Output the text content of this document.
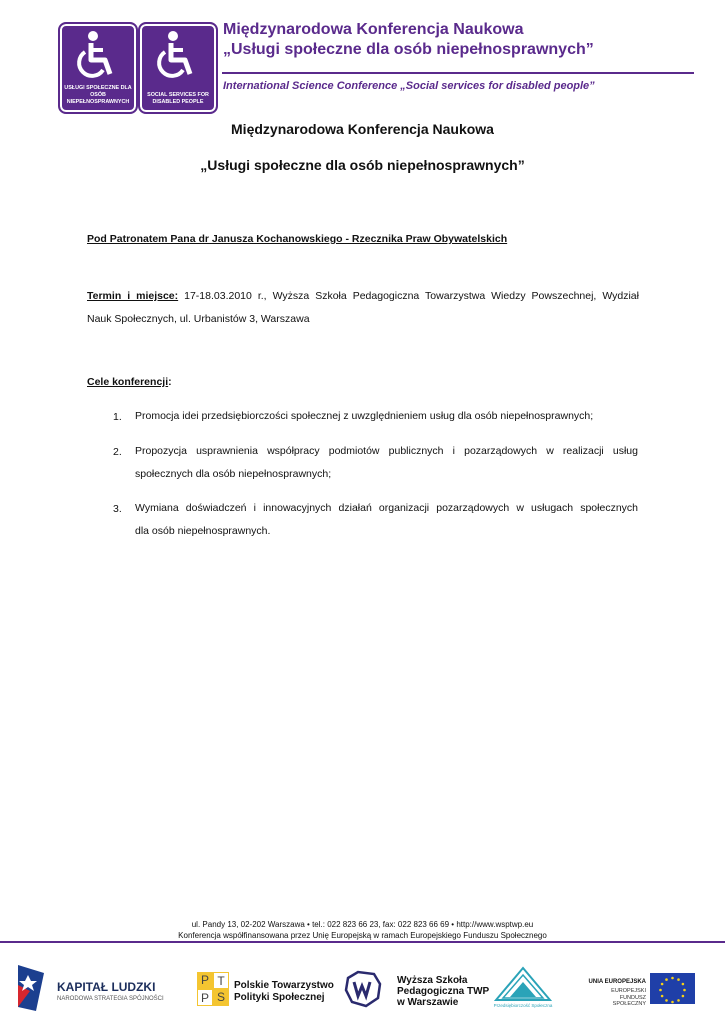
USŁUGI SPOŁECZNE DLA OSÓB NIEPEŁNOSPRAWNYCH
SOCIAL SERVICES FOR DISABLED PEOPLE
Międzynarodowa Konferencja Naukowa
„Usługi społeczne dla osób niepełnosprawnych”
International Science Conference „Social services for disabled people”
Międzynarodowa Konferencja Naukowa
„Usługi społeczne dla osób niepełnosprawnych”
Pod Patronatem Pana dr Janusza Kochanowskiego - Rzecznika Praw Obywatelskich
Termin i miejsce: 17-18.03.2010 r., Wyższa Szkoła Pedagogiczna Towarzystwa Wiedzy Powszechnej, Wydział
Nauk Społecznych, ul. Urbanistów 3, Warszawa
Cele konferencji:
1. Promocja idei przedsiębiorczości społecznej z uwzględnieniem usług dla osób niepełnosprawnych;
2. Propozycja usprawnienia współpracy podmiotów publicznych i pozarządowych w realizacji usług
społecznych dla osób niepełnosprawnych;
3. Wymiana doświadczeń i innowacyjnych działań organizacji pozarządowych w usługach społecznych
dla osób niepełnosprawnych.
ul. Pandy 13, 02-202 Warszawa • tel.: 022 823 66 23, fax: 022 823 66 69 • http://www.wsptwp.eu
Konferencja współfinansowana przez Unię Europejską w ramach Europejskiego Funduszu Społecznego
KAPITAŁ LUDZKI
NARODOWA STRATEGIA SPÓJNOŚCI
P T
P S
Polskie Towarzystwo
Polityki Społecznej
Wyższa Szkoła
Pedagogiczna TWP
w Warszawie	Przedsiębiorczość Społeczna
UNIA EUROPEJSKA
EUROPEJSKI
FUNDUSZ SPOŁECZNY
